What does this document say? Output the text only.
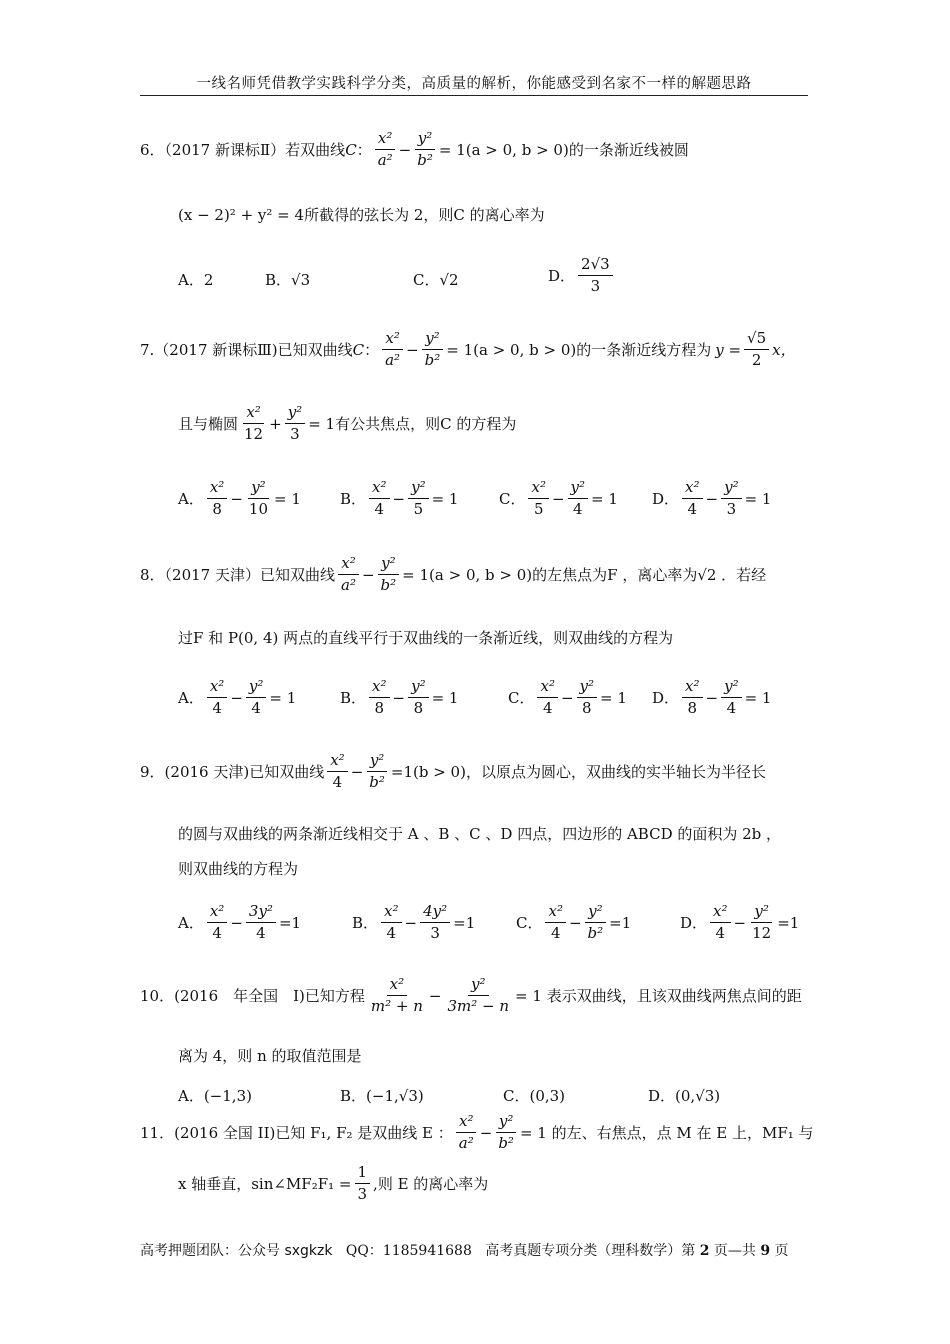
一线名师凭借教学实践科学分类，高质量的解析，你能感受到名家不一样的解题思路
6．（2017 新课标Ⅱ）若双曲线 C ： $\frac{\text{x²}}{\text{a²}} - \frac{\text{y²}}{\text{b²}} = 1(a > 0$, b > 0) 的一条渐近线被圆
(x − 2)² + y² = 4所截得的弦长为 2，则C 的离心率为
A．2	B．√3	C．√2	D． $\frac{2√3}{3}$
7.（2017 新课标Ⅲ)已知双曲线 C ： $\frac{\text{x²}}{\text{a²}} - \frac{\text{y²}}{\text{b²}} = 1(a > 0$, b > 0) 的一条渐近线方程为 $y = \frac{√5}{2}$ x，
且与椭圆 $\frac{\text{x²}}{12} + \frac{\text{y²}}{3} = 1$有公共焦点，则C 的方程为
A． $\frac{\text{x²}}{8} - \frac{\text{y²}}{10} = 1$	B． $\frac{\text{x²}}{4} - \frac{\text{y²}}{5} = 1$	C． $\frac{\text{x²}}{5} - \frac{\text{y²}}{4} = 1$ D． $\frac{\text{x²}}{4} - \frac{\text{y²}}{3} = 1$
8．（2017 天津）已知双曲线 $\frac{\text{x²}}{\text{a²}} - \frac{\text{y²}}{\text{b²}} = 1(a > 0$, b > 0) 的左焦点为F ，离心率为√2 ．若经
过F 和 P(0, 4) 两点的直线平行于双曲线的一条渐近线，则双曲线的方程为
A． $\frac{\text{x²}}{4} - \frac{\text{y²}}{4} = 1$	B． $\frac{\text{x²}}{8} - \frac{\text{y²}}{8} = 1$	C． $\frac{\text{x²}}{4} - \frac{\text{y²}}{8} = 1$ D． $\frac{\text{x²}}{8} - \frac{\text{y²}}{4} = 1$
9．(2016 天津)已知双曲线 $\frac{\text{x²}}{4} - \frac{\text{y²}}{\text{b²}} =1(b > 0)$ ，以原点为圆心，双曲线的实半轴长为半径长
的圆与双曲线的两条渐近线相交于 A 、B 、C 、D 四点，四边形的 ABCD 的面积为 2b ，
则双曲线的方程为
A． $\frac{\text{x²}}{4} - \frac{\text{3y²}}{4} =1$	B． $\frac{\text{x²}}{4} - \frac{\text{4y²}}{3} =1$	C． $\frac{\text{x²}}{4} - \frac{\text{y²}}{\text{b²}} =1$	D． $\frac{\text{x²}}{4} - \frac{\text{y²}}{12} =1$
10．(2016　年全国　I)已知方程 $\frac{\text{x²}}{\text{m² + n}} - \frac{\text{y²}}{\text{3m² − n}} = 1$ 表示双曲线，且该双曲线两焦点间的距
离为 4，则 n 的取值范围是
A．(−1,3)	B．(−1,√3)	C．(0,3)	D．(0,√3)
11．(2016 全国 II)已知 F₁, F₂ 是双曲线 E ： $\frac{\text{x²}}{\text{a²}} - \frac{\text{y²}}{\text{b²}} = 1$ 的左、右焦点，点 M 在 E 上，MF₁ 与
x 轴垂直，sin∠MF₂F₁ = $\frac{1}{3}$ ,则 E 的离心率为
高考押题团队：公众号 sxgkzk QQ：1185941688 高考真题专项分类（理科数学）第 2 页—共 9 页
